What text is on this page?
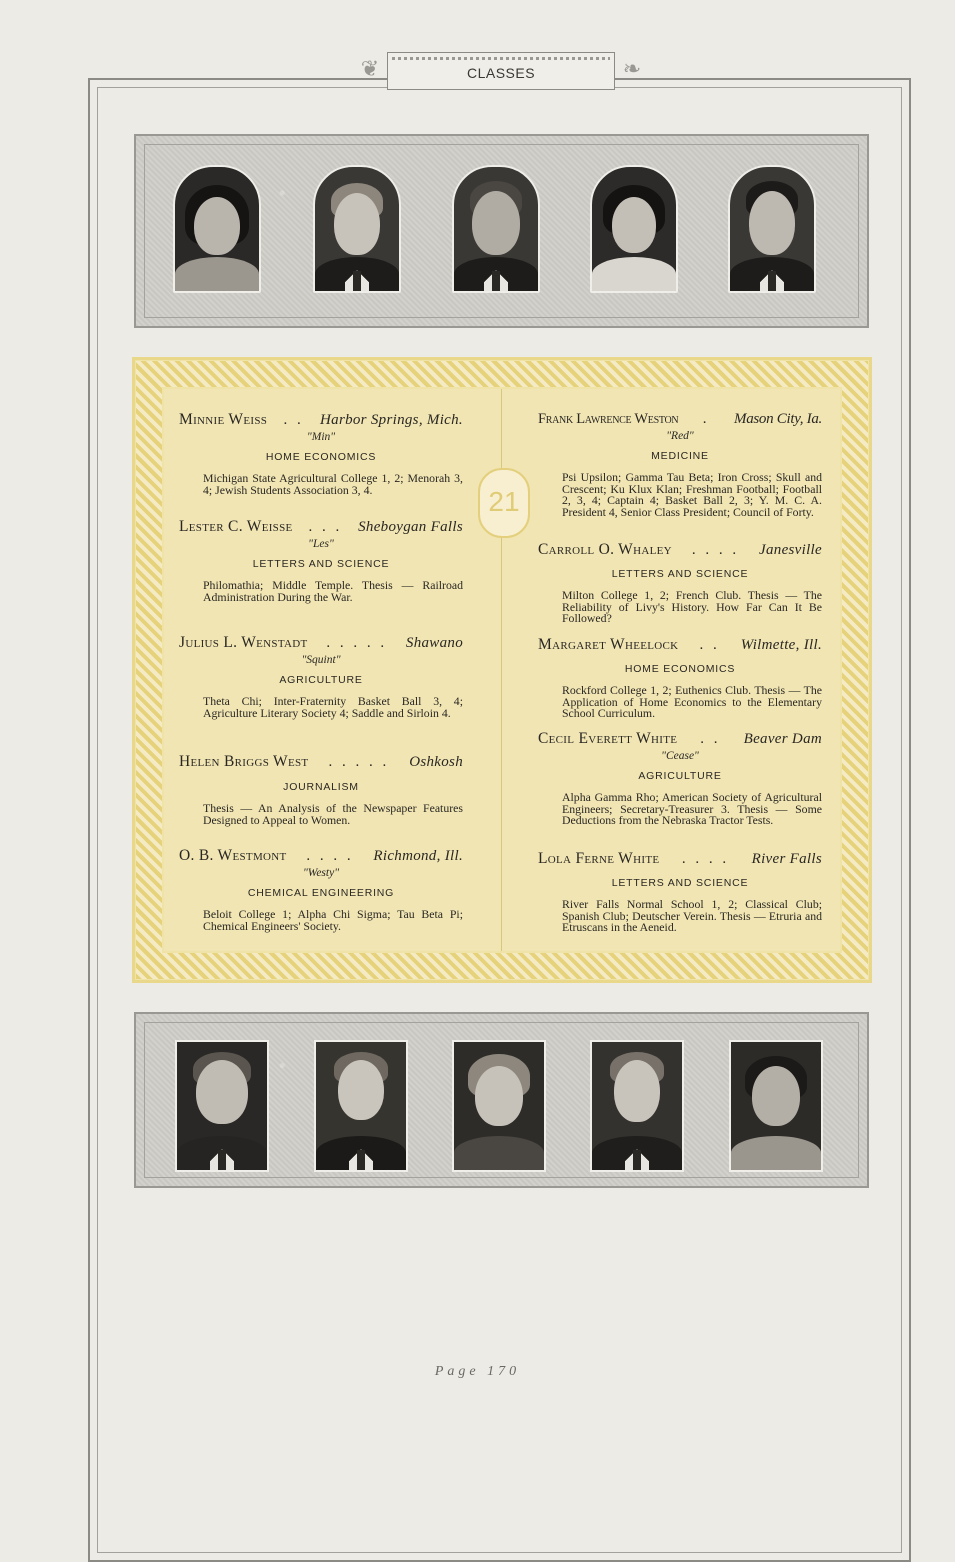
❦	❧
CLASSES
21
Minnie Weiss	. .	Harbor Springs, Mich.
"Min"
HOME ECONOMICS
Michigan State Agricultural College 1, 2; Menorah 3, 4; Jewish Students Association 3, 4.
Lester C. Weisse	. . .	Sheboygan Falls
"Les"
LETTERS AND SCIENCE
Philomathia; Middle Temple. Thesis — Railroad Administration During the War.
Julius L. Wenstadt	. . . . .	Shawano
"Squint"
AGRICULTURE
Theta Chi; Inter-Fraternity Basket Ball 3, 4; Agriculture Literary Society 4; Saddle and Sirloin 4.
Helen Briggs West	. . . . .	Oshkosh
JOURNALISM
Thesis — An Analysis of the Newspaper Features Designed to Appeal to Women.
O. B. Westmont	. . . .	Richmond, Ill.
"Westy"
CHEMICAL ENGINEERING
Beloit College 1; Alpha Chi Sigma; Tau Beta Pi; Chemical Engineers' Society.
Frank Lawrence Weston	.	Mason City, Ia.
"Red"
MEDICINE
Psi Upsilon; Gamma Tau Beta; Iron Cross; Skull and Crescent; Ku Klux Klan; Freshman Football; Football 2, 3, 4; Captain 4; Basket Ball 2, 3; Y. M. C. A. President 4, Senior Class President; Council of Forty.
Carroll O. Whaley	. . . .	Janesville
LETTERS AND SCIENCE
Milton College 1, 2; French Club. Thesis — The Reliability of Livy's History. How Far Can It Be Followed?
Margaret Wheelock	. .	Wilmette, Ill.
HOME ECONOMICS
Rockford College 1, 2; Euthenics Club. Thesis — The Application of Home Economics to the Elementary School Curriculum.
Cecil Everett White	. .	Beaver Dam
"Cease"
AGRICULTURE
Alpha Gamma Rho; American Society of Agricultural Engineers; Secretary-Treasurer 3. Thesis — Some Deductions from the Nebraska Tractor Tests.
Lola Ferne White	. . . .	River Falls
LETTERS AND SCIENCE
River Falls Normal School 1, 2; Classical Club; Spanish Club; Deutscher Verein. Thesis — Etruria and Etruscans in the Aeneid.
Page 170
